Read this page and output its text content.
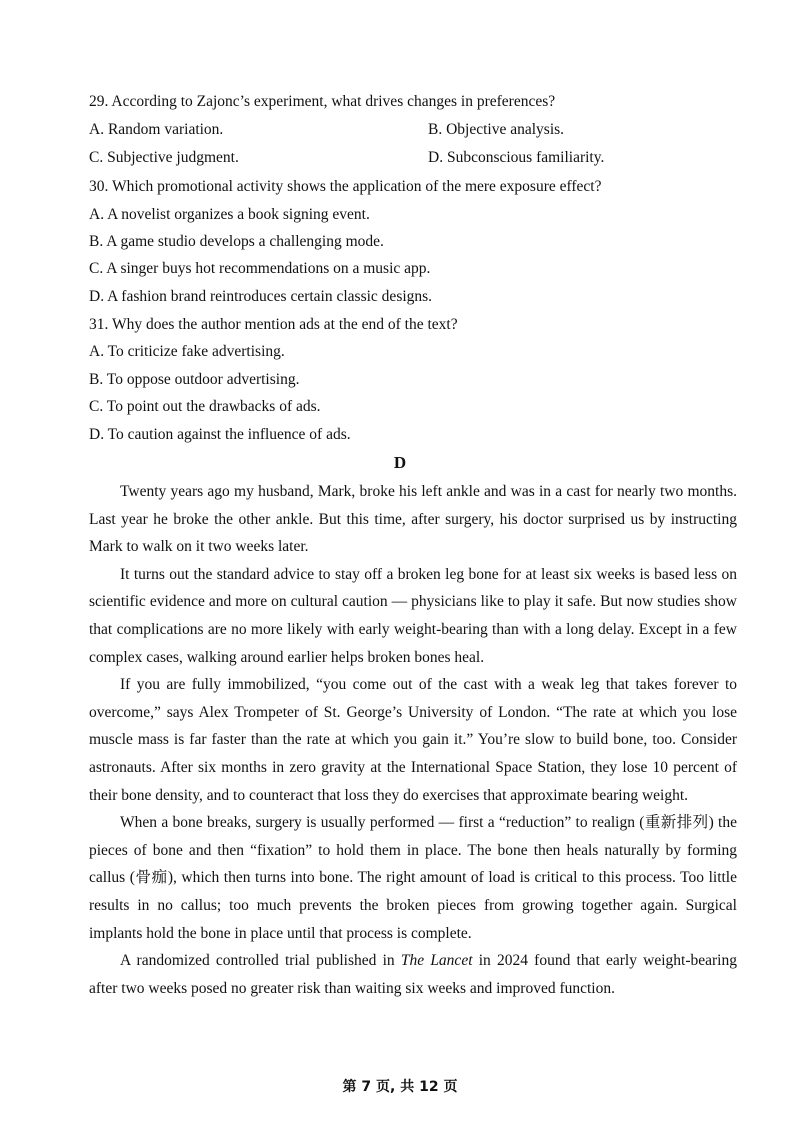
29. According to Zajonc’s experiment, what drives changes in preferences?
A. Random variation.	B. Objective analysis.
C. Subjective judgment.	D. Subconscious familiarity.
30. Which promotional activity shows the application of the mere exposure effect?
A. A novelist organizes a book signing event.
B. A game studio develops a challenging mode.
C. A singer buys hot recommendations on a music app.
D. A fashion brand reintroduces certain classic designs.
31. Why does the author mention ads at the end of the text?
A. To criticize fake advertising.
B. To oppose outdoor advertising.
C. To point out the drawbacks of ads.
D. To caution against the influence of ads.
D

Twenty years ago my husband, Mark, broke his left ankle and was in a cast for nearly two months. Last year he broke the other ankle. But this time, after surgery, his doctor surprised us by instructing Mark to walk on it two weeks later.

It turns out the standard advice to stay off a broken leg bone for at least six weeks is based less on scientific evidence and more on cultural caution — physicians like to play it safe. But now studies show that complications are no more likely with early weight-bearing than with a long delay. Except in a few complex cases, walking around earlier helps broken bones heal.

If you are fully immobilized, “you come out of the cast with a weak leg that takes forever to overcome,” says Alex Trompeter of St. George’s University of London. “The rate at which you lose muscle mass is far faster than the rate at which you gain it.” You’re slow to build bone, too. Consider astronauts. After six months in zero gravity at the International Space Station, they lose 10 percent of their bone density, and to counteract that loss they do exercises that approximate bearing weight.

When a bone breaks, surgery is usually performed — first a “reduction” to realign (重新排列) the pieces of bone and then “fixation” to hold them in place. The bone then heals naturally by forming callus (骨痂), which then turns into bone. The right amount of load is critical to this process. Too little results in no callus; too much prevents the broken pieces from growing together again. Surgical implants hold the bone in place until that process is complete.

A randomized controlled trial published in The Lancet in 2024 found that early weight-bearing after two weeks posed no greater risk than waiting six weeks and improved function.

第 7 页, 共 12 页
